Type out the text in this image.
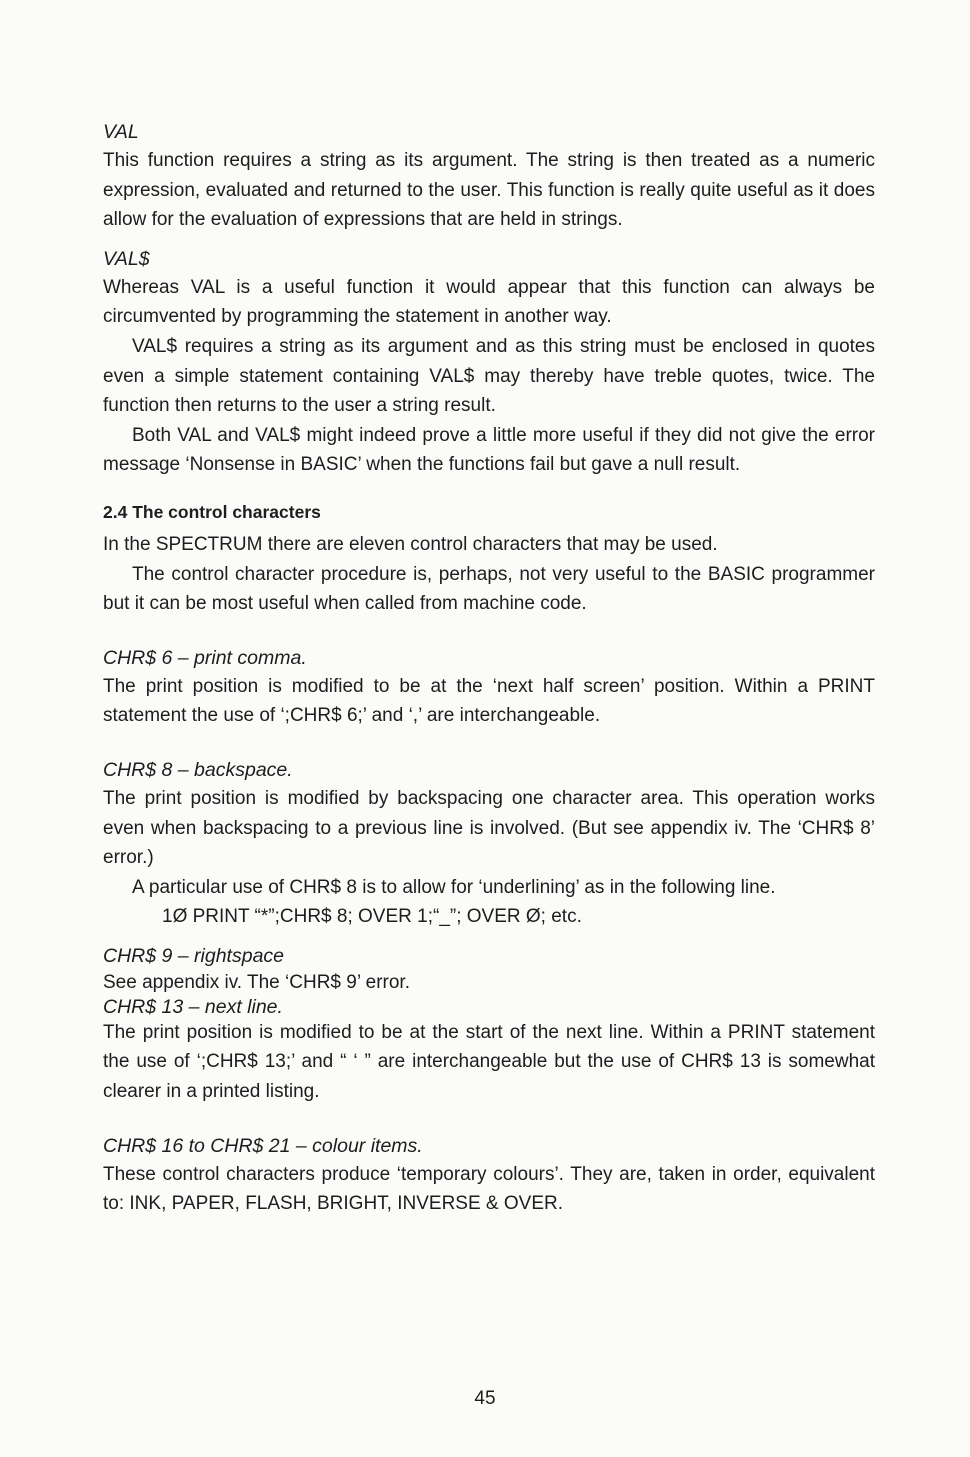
VAL

This function requires a string as its argument. The string is then treated as a numeric expression, evaluated and returned to the user. This function is really quite useful as it does allow for the evaluation of expressions that are held in strings.

VAL$

Whereas VAL is a useful function it would appear that this function can always be circumvented by programming the statement in another way.

VAL$ requires a string as its argument and as this string must be enclosed in quotes even a simple statement containing VAL$ may thereby have treble quotes, twice. The function then returns to the user a string result.

Both VAL and VAL$ might indeed prove a little more useful if they did not give the error message ‘Nonsense in BASIC’ when the functions fail but gave a null result.

2.4 The control characters

In the SPECTRUM there are eleven control characters that may be used.

The control character procedure is, perhaps, not very useful to the BASIC programmer but it can be most useful when called from machine code.

CHR$ 6 – print comma.

The print position is modified to be at the ‘next half screen’ position. Within a PRINT statement the use of ‘;CHR$ 6;’ and ‘,’ are interchangeable.

CHR$ 8 – backspace.

The print position is modified by backspacing one character area. This operation works even when backspacing to a previous line is involved. (But see appendix iv. The ‘CHR$ 8’ error.)

A particular use of CHR$ 8 is to allow for ‘underlining’ as in the following line.

1Ø PRINT “*”;CHR$ 8; OVER 1;“_”; OVER Ø; etc.

CHR$ 9 – rightspace

See appendix iv. The ‘CHR$ 9’ error.

CHR$ 13 – next line.

The print position is modified to be at the start of the next line. Within a PRINT statement the use of ‘;CHR$ 13;’ and “ ‘ ” are interchangeable but the use of CHR$ 13 is somewhat clearer in a printed listing.

CHR$ 16 to CHR$ 21 – colour items.

These control characters produce ‘temporary colours’. They are, taken in order, equivalent to: INK, PAPER, FLASH, BRIGHT, INVERSE & OVER.

45
